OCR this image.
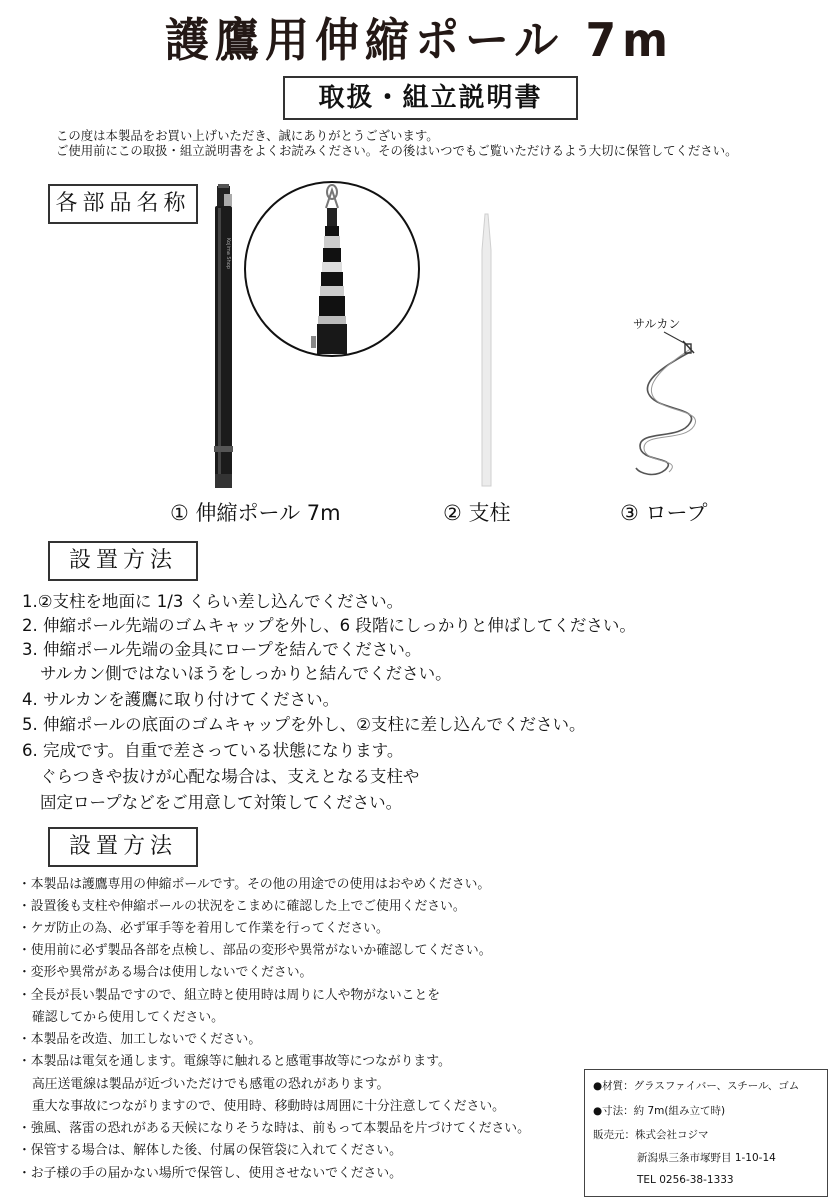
護鷹用伸縮ポール 7m
取扱・組立説明書
この度は本製品をお買い上げいただき、誠にありがとうございます。
ご使用前にこの取扱・組立説明書をよくお読みください。その後はいつでもご覧いただけるよう大切に保管してください。
各部品名称
Kojima Shop
サルカン
① 伸縮ポール 7m	② 支柱	③ ロープ
設置方法
1.②支柱を地面に 1/3 くらい差し込んでください。
2. 伸縮ポール先端のゴムキャップを外し、6 段階にしっかりと伸ばしてください。
3. 伸縮ポール先端の金具にロープを結んでください。
サルカン側ではないほうをしっかりと結んでください。
4. サルカンを護鷹に取り付けてください。
5. 伸縮ポールの底面のゴムキャップを外し、②支柱に差し込んでください。
6. 完成です。自重で差さっている状態になります。
ぐらつきや抜けが心配な場合は、支えとなる支柱や
固定ロープなどをご用意して対策してください。
設置方法
・本製品は護鷹専用の伸縮ポールです。その他の用途での使用はおやめください。
・設置後も支柱や伸縮ポールの状況をこまめに確認した上でご使用ください。
・ケガ防止の為、必ず軍手等を着用して作業を行ってください。
・使用前に必ず製品各部を点検し、部品の変形や異常がないか確認してください。
・変形や異常がある場合は使用しないでください。
・全長が長い製品ですので、組立時と使用時は周りに人や物がないことを
確認してから使用してください。
・本製品を改造、加工しないでください。
・本製品は電気を通します。電線等に触れると感電事故等につながります。
高圧送電線は製品が近づいただけでも感電の恐れがあります。
重大な事故につながりますので、使用時、移動時は周囲に十分注意してください。
・強風、落雷の恐れがある天候になりそうな時は、前もって本製品を片づけてください。
・保管する場合は、解体した後、付属の保管袋に入れてください。
・お子様の手の届かない場所で保管し、使用させないでください。
●材質：グラスファイバー、スチール、ゴム
●寸法：約 7m(組み立て時)
販売元：株式会社コジマ
新潟県三条市塚野目 1-10-14
TEL 0256-38-1333
